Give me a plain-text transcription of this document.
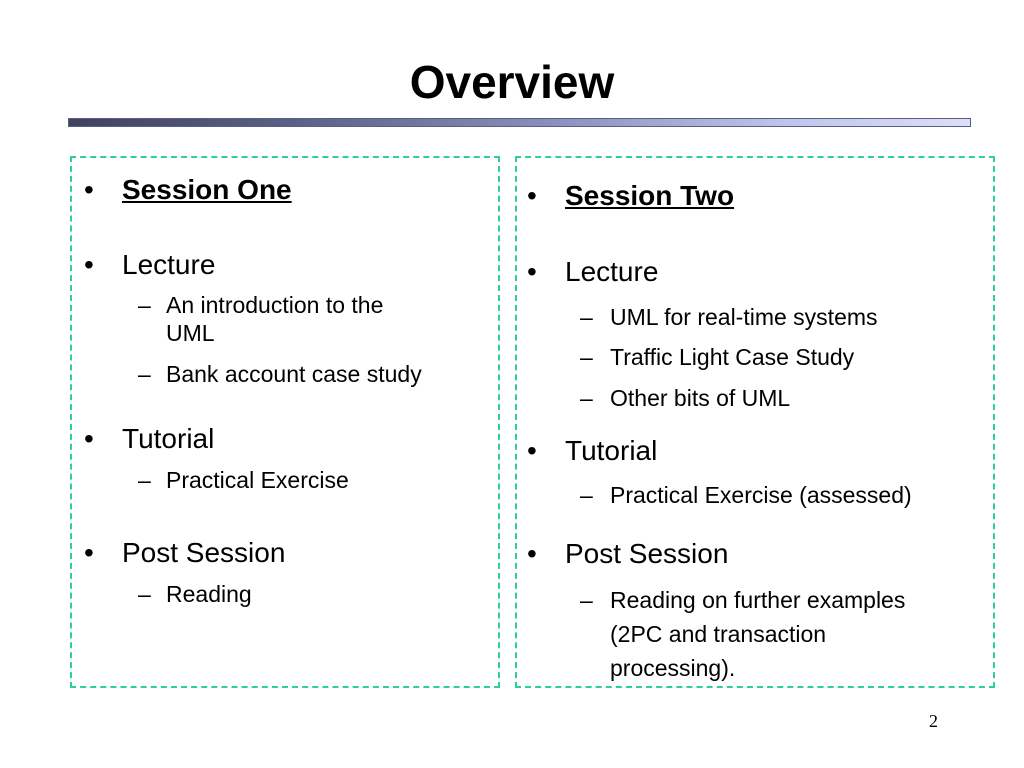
Overview
• Session One
• Lecture
– An introduction to the
UML
– Bank account case study
• Tutorial
– Practical Exercise
• Post Session
– Reading
• Session Two
• Lecture
– UML for real-time systems
– Traffic Light Case Study
– Other bits of UML
• Tutorial
– Practical Exercise (assessed)
• Post Session
– Reading on further examples
(2PC and transaction
processing).
2
